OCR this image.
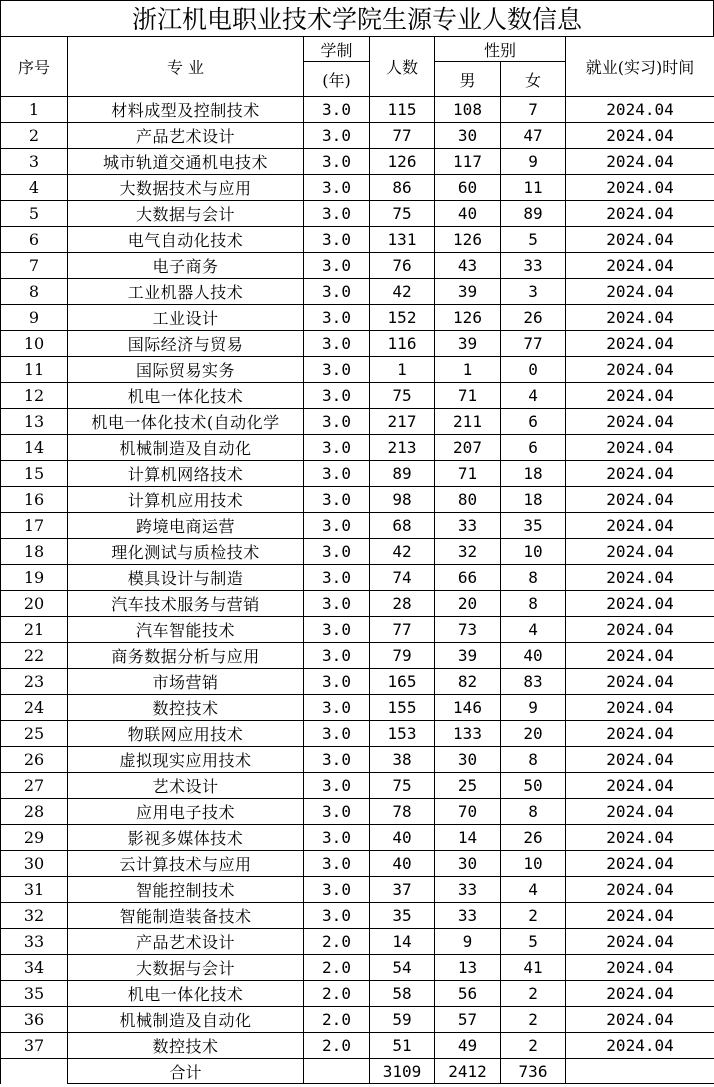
浙江机电职业技术学院生源专业人数信息
序号	专 业	学制	人数	性别		就业(实习)时间
		(年)		男	女	
1	材料成型及控制技术	3.0	115	108	7	2024.04
2	产品艺术设计	3.0	77	30	47	2024.04
3	城市轨道交通机电技术	3.0	126	117	9	2024.04
4	大数据技术与应用	3.0	86	60	11	2024.04
5	大数据与会计	3.0	75	40	89	2024.04
6	电气自动化技术	3.0	131	126	5	2024.04
7	电子商务	3.0	76	43	33	2024.04
8	工业机器人技术	3.0	42	39	3	2024.04
9	工业设计	3.0	152	126	26	2024.04
10	国际经济与贸易	3.0	116	39	77	2024.04
11	国际贸易实务	3.0	1	1	0	2024.04
12	机电一体化技术	3.0	75	71	4	2024.04
13	机电一体化技术(自动化学	3.0	217	211	6	2024.04
14	机械制造及自动化	3.0	213	207	6	2024.04
15	计算机网络技术	3.0	89	71	18	2024.04
16	计算机应用技术	3.0	98	80	18	2024.04
17	跨境电商运营	3.0	68	33	35	2024.04
18	理化测试与质检技术	3.0	42	32	10	2024.04
19	模具设计与制造	3.0	74	66	8	2024.04
20	汽车技术服务与营销	3.0	28	20	8	2024.04
21	汽车智能技术	3.0	77	73	4	2024.04
22	商务数据分析与应用	3.0	79	39	40	2024.04
23	市场营销	3.0	165	82	83	2024.04
24	数控技术	3.0	155	146	9	2024.04
25	物联网应用技术	3.0	153	133	20	2024.04
26	虚拟现实应用技术	3.0	38	30	8	2024.04
27	艺术设计	3.0	75	25	50	2024.04
28	应用电子技术	3.0	78	70	8	2024.04
29	影视多媒体技术	3.0	40	14	26	2024.04
30	云计算技术与应用	3.0	40	30	10	2024.04
31	智能控制技术	3.0	37	33	4	2024.04
32	智能制造装备技术	3.0	35	33	2	2024.04
33	产品艺术设计	2.0	14	9	5	2024.04
34	大数据与会计	2.0	54	13	41	2024.04
35	机电一体化技术	2.0	58	56	2	2024.04
36	机械制造及自动化	2.0	59	57	2	2024.04
37	数控技术	2.0	51	49	2	2024.04
	合计		3109	2412	736	
